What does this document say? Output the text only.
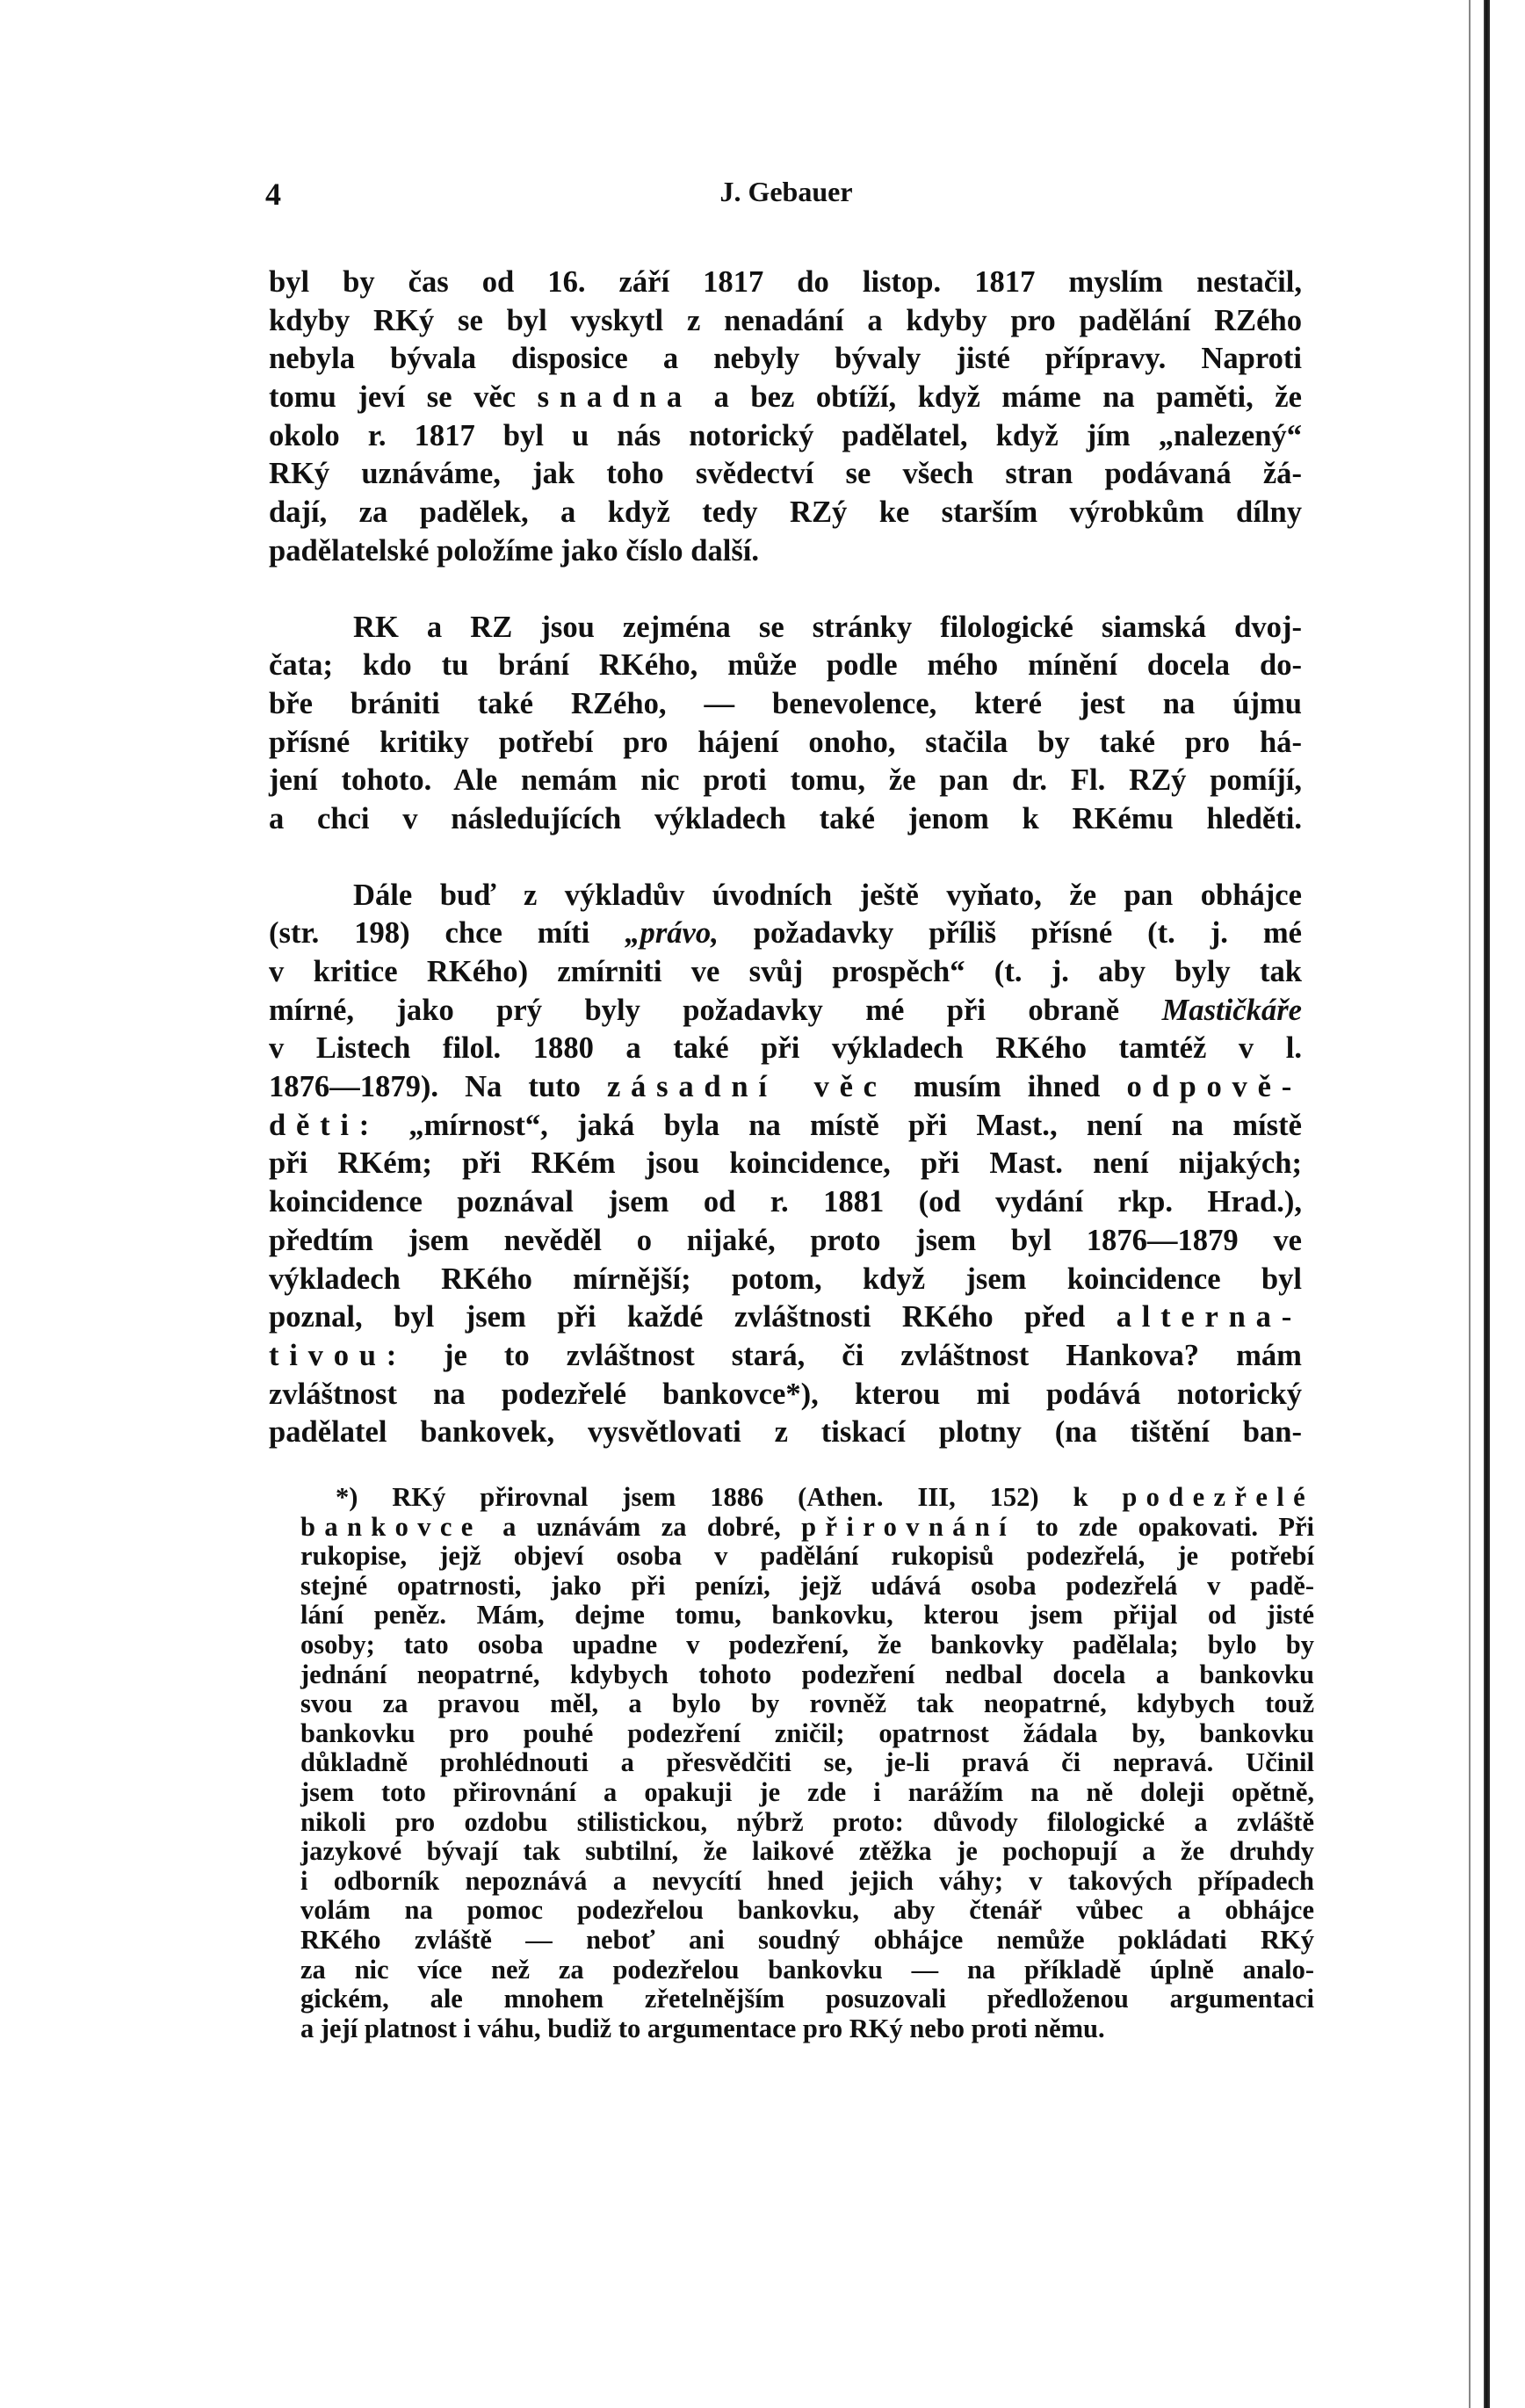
4	J. Gebauer
byl by čas od 16. září 1817 do listop. 1817 myslím nestačil,
kdyby RKý se byl vyskytl z nenadání a kdyby pro padělání RZého
nebyla bývala disposice a nebyly bývaly jisté přípravy. Naproti
tomu jeví se věc snadna a bez obtíží, když máme na paměti, že
okolo r. 1817 byl u nás notorický padělatel, když jím „nalezený“
RKý uznáváme, jak toho svědectví se všech stran podávaná žá-
dají, za padělek, a když tedy RZý ke starším výrobkům dílny
padělatelské položíme jako číslo další.
RK a RZ jsou zejména se stránky filologické siamská dvoj-
čata; kdo tu brání RKého, může podle mého mínění docela do-
bře brániti také RZého, — benevolence, které jest na újmu
přísné kritiky potřebí pro hájení onoho, stačila by také pro há-
jení tohoto. Ale nemám nic proti tomu, že pan dr. Fl. RZý pomíjí,
a chci v následujících výkladech také jenom k RKému hleděti.
Dále buď z výkladův úvodních ještě vyňato, že pan obhájce
(str. 198) chce míti „právo, požadavky příliš přísné (t. j. mé
v kritice RKého) zmírniti ve svůj prospěch“ (t. j. aby byly tak
mírné, jako prý byly požadavky mé při obraně Mastičkáře
v Listech filol. 1880 a také při výkladech RKého tamtéž v l.
1876—1879). Na tuto zásadní věc musím ihned odpově-
děti: „mírnost“, jaká byla na místě při Mast., není na místě
při RKém; při RKém jsou koincidence, při Mast. není nijakých;
koincidence poznával jsem od r. 1881 (od vydání rkp. Hrad.),
předtím jsem nevěděl o nijaké, proto jsem byl 1876—1879 ve
výkladech RKého mírnější; potom, když jsem koincidence byl
poznal, byl jsem při každé zvláštnosti RKého před alterna-
tivou: je to zvláštnost stará, či zvláštnost Hankova? mám
zvláštnost na podezřelé bankovce*), kterou mi podává notorický
padělatel bankovek, vysvětlovati z tiskací plotny (na tištění ban-
*) RKý přirovnal jsem 1886 (Athen. III, 152) k podezřelé
bankovce a uznávám za dobré, přirovnání to zde opakovati. Při
rukopise, jejž objeví osoba v padělání rukopisů podezřelá, je potřebí
stejné opatrnosti, jako při penízi, jejž udává osoba podezřelá v padě-
lání peněz. Mám, dejme tomu, bankovku, kterou jsem přijal od jisté
osoby; tato osoba upadne v podezření, že bankovky padělala; bylo by
jednání neopatrné, kdybych tohoto podezření nedbal docela a bankovku
svou za pravou měl, a bylo by rovněž tak neopatrné, kdybych touž
bankovku pro pouhé podezření zničil; opatrnost žádala by, bankovku
důkladně prohlédnouti a přesvědčiti se, je-li pravá či nepravá. Učinil
jsem toto přirovnání a opakuji je zde i narážím na ně doleji opětně,
nikoli pro ozdobu stilistickou, nýbrž proto: důvody filologické a zvláště
jazykové bývají tak subtilní, že laikové ztěžka je pochopují a že druhdy
i odborník nepoznává a nevycítí hned jejich váhy; v takových případech
volám na pomoc podezřelou bankovku, aby čtenář vůbec a obhájce
RKého zvláště — neboť ani soudný obhájce nemůže pokládati RKý
za nic více než za podezřelou bankovku — na příkladě úplně analo-
gickém, ale mnohem zřetelnějším posuzovali předloženou argumentaci
a její platnost i váhu, budiž to argumentace pro RKý nebo proti němu.
